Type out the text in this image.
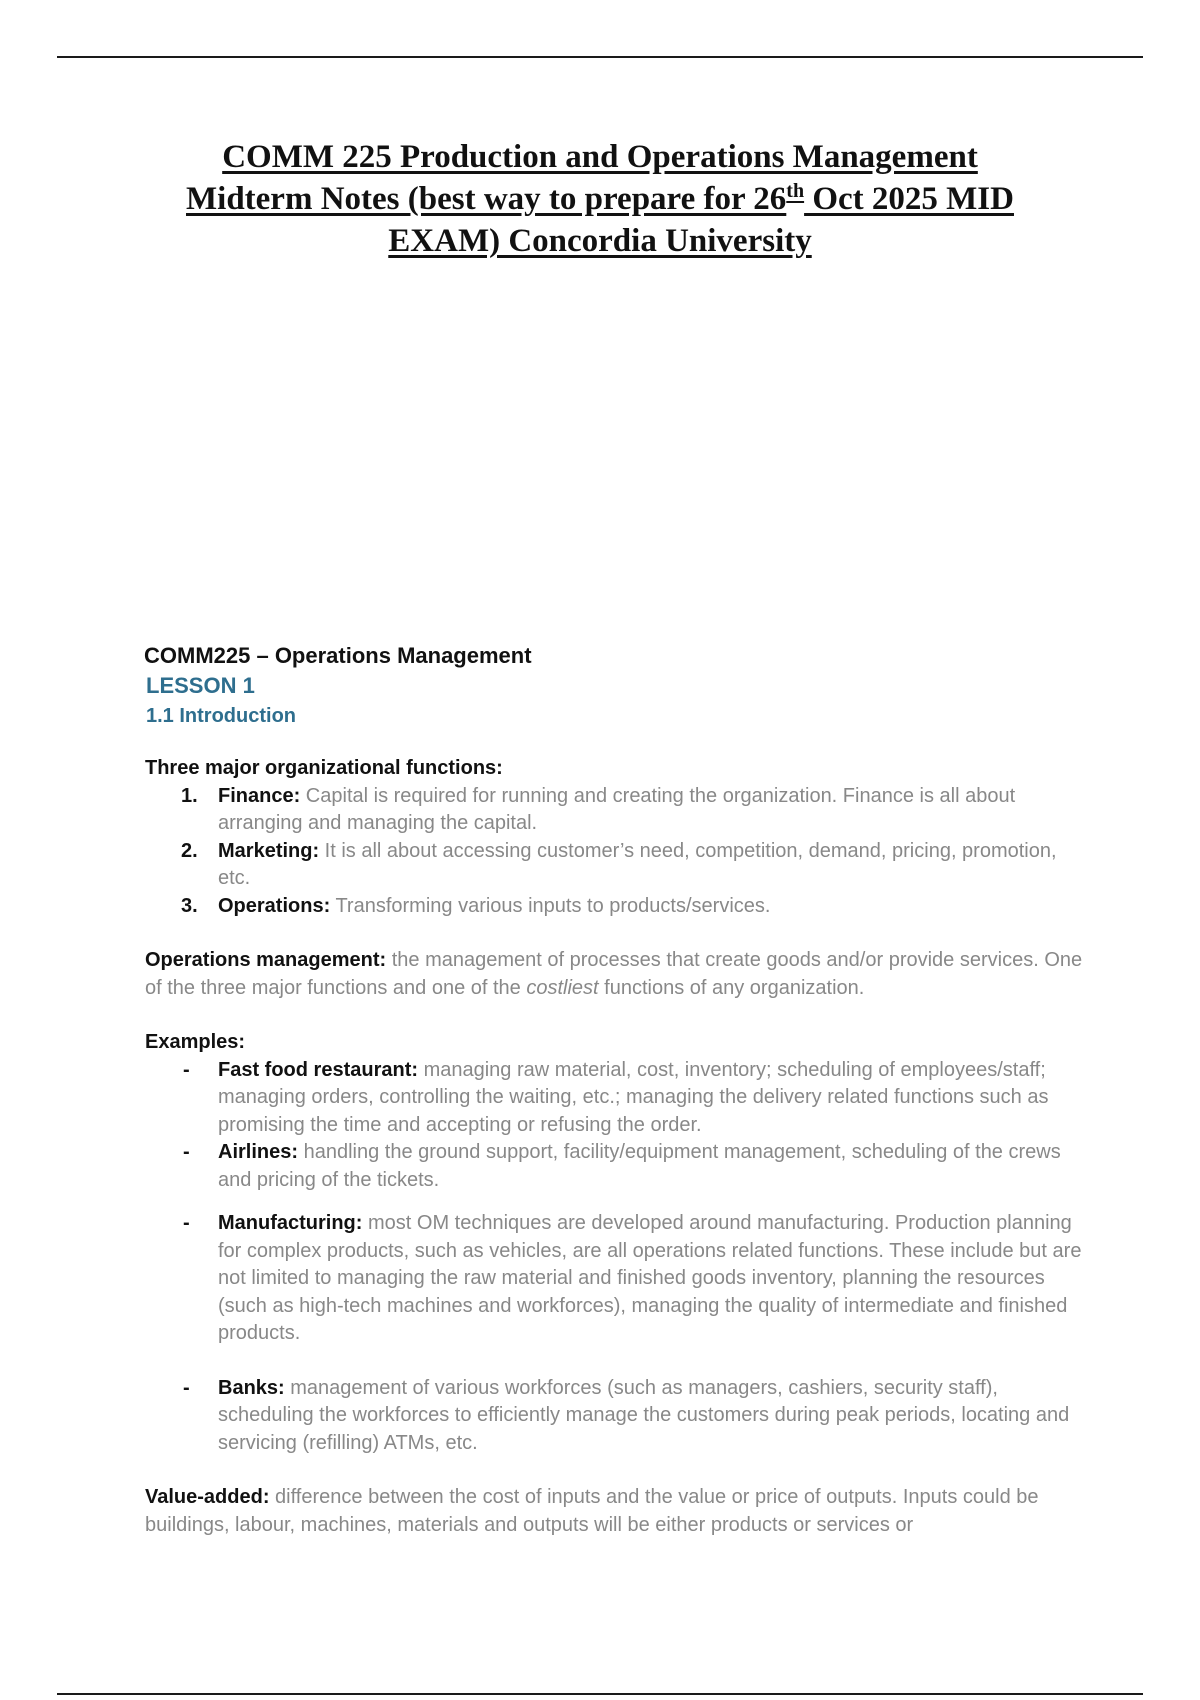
COMM 225 Production and Operations Management
Midterm Notes (best way to prepare for 26th Oct 2025 MID
EXAM) Concordia University
COMM225 – Operations Management
LESSON 1
1.1 Introduction

Three major organizational functions:

1. Finance: Capital is required for running and creating the organization. Finance is all about arranging and managing the capital.
2. Marketing: It is all about accessing customer’s need, competition, demand, pricing, promotion, etc.
3. Operations: Transforming various inputs to products/services.

Operations management: the management of processes that create goods and/or provide services. One of the three major functions and one of the costliest functions of any organization.

Examples:

- Fast food restaurant: managing raw material, cost, inventory; scheduling of employees/staff; managing orders, controlling the waiting, etc.; managing the delivery related functions such as promising the time and accepting or refusing the order.
- Airlines: handling the ground support, facility/equipment management, scheduling of the crews and pricing of the tickets.
- Manufacturing: most OM techniques are developed around manufacturing. Production planning for complex products, such as vehicles, are all operations related functions. These include but are not limited to managing the raw material and finished goods inventory, planning the resources (such as high-tech machines and workforces), managing the quality of intermediate and finished products.
- Banks: management of various workforces (such as managers, cashiers, security staff), scheduling the workforces to efficiently manage the customers during peak periods, locating and servicing (refilling) ATMs, etc.

Value-added: difference between the cost of inputs and the value or price of outputs. Inputs could be buildings, labour, machines, materials and outputs will be either products or services or
